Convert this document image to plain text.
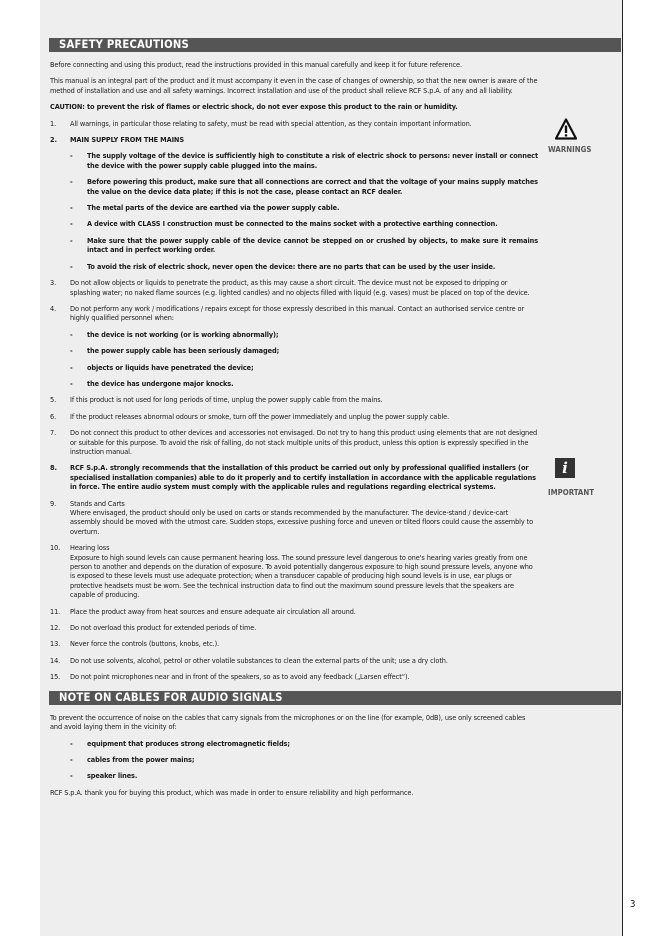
SAFETY PRECAUTIONS

Before connecting and using this product, read the instructions provided in this manual carefully and keep it for future reference.

This manual is an integral part of the product and it must accompany it even in the case of changes of ownership, so that the new owner is aware of the method of installation and use and all safety warnings. Incorrect installation and use of the product shall relieve RCF S.p.A. of any and all liability.

CAUTION: to prevent the risk of flames or electric shock, do not ever expose this product to the rain or humidity.

1. All warnings, in particular those relating to safety, must be read with special attention, as they contain important information.
2. MAIN SUPPLY FROM THE MAINS
- The supply voltage of the device is sufficiently high to constitute a risk of electric shock to persons: never install or connect the device with the power supply cable plugged into the mains.
- Before powering this product, make sure that all connections are correct and that the voltage of your mains supply matches the value on the device data plate; if this is not the case, please contact an RCF dealer.
- The metal parts of the device are earthed via the power supply cable.
- A device with CLASS I construction must be connected to the mains socket with a protective earthing connection.
- Make sure that the power supply cable of the device cannot be stepped on or crushed by objects, to make sure it remains intact and in perfect working order.
- To avoid the risk of electric shock, never open the device: there are no parts that can be used by the user inside.
3. Do not allow objects or liquids to penetrate the product, as this may cause a short circuit. The device must not be exposed to dripping or splashing water; no naked flame sources (e.g. lighted candles) and no objects filled with liquid (e.g. vases) must be placed on top of the device.
4. Do not perform any work / modifications / repairs except for those expressly described in this manual. Contact an authorised service centre or highly qualified personnel when:
- the device is not working (or is working abnormally);
- the power supply cable has been seriously damaged;
- objects or liquids have penetrated the device;
- the device has undergone major knocks.
5. If this product is not used for long periods of time, unplug the power supply cable from the mains.
6. If the product releases abnormal odours or smoke, turn off the power immediately and unplug the power supply cable.
7. Do not connect this product to other devices and accessories not envisaged. Do not try to hang this product using elements that are not designed or suitable for this purpose. To avoid the risk of falling, do not stack multiple units of this product, unless this option is expressly specified in the instruction manual.
8. RCF S.p.A. strongly recommends that the installation of this product be carried out only by professional qualified installers (or specialised installation companies) able to do it properly and to certify installation in accordance with the applicable regulations in force. The entire audio system must comply with the applicable rules and regulations regarding electrical systems.
9. Stands and Carts
Where envisaged, the product should only be used on carts or stands recommended by the manufacturer. The device-stand / device-cart assembly should be moved with the utmost care. Sudden stops, excessive pushing force and uneven or tilted floors could cause the assembly to overturn.
10. Hearing loss
Exposure to high sound levels can cause permanent hearing loss. The sound pressure level dangerous to one's hearing varies greatly from one person to another and depends on the duration of exposure. To avoid potentially dangerous exposure to high sound pressure levels, anyone who is exposed to these levels must use adequate protection; when a transducer capable of producing high sound levels is in use, ear plugs or protective headsets must be worn. See the technical instruction data to find out the maximum sound pressure levels that the speakers are capable of producing.
11. Place the product away from heat sources and ensure adequate air circulation all around.
12. Do not overload this product for extended periods of time.
13. Never force the controls (buttons, knobs, etc.).
14. Do not use solvents, alcohol, petrol or other volatile substances to clean the external parts of the unit; use a dry cloth.
15. Do not point microphones near and in front of the speakers, so as to avoid any feedback („Larsen effect“).
NOTE ON CABLES FOR AUDIO SIGNALS

To prevent the occurrence of noise on the cables that carry signals from the microphones or on the line (for example, 0dB), use only screened cables and avoid laying them in the vicinity of:

- equipment that produces strong electromagnetic fields;
- cables from the power mains;
- speaker lines.

RCF S.p.A. thank you for buying this product, which was made in order to ensure reliability and high performance.

WARNINGS
i
IMPORTANT
3
